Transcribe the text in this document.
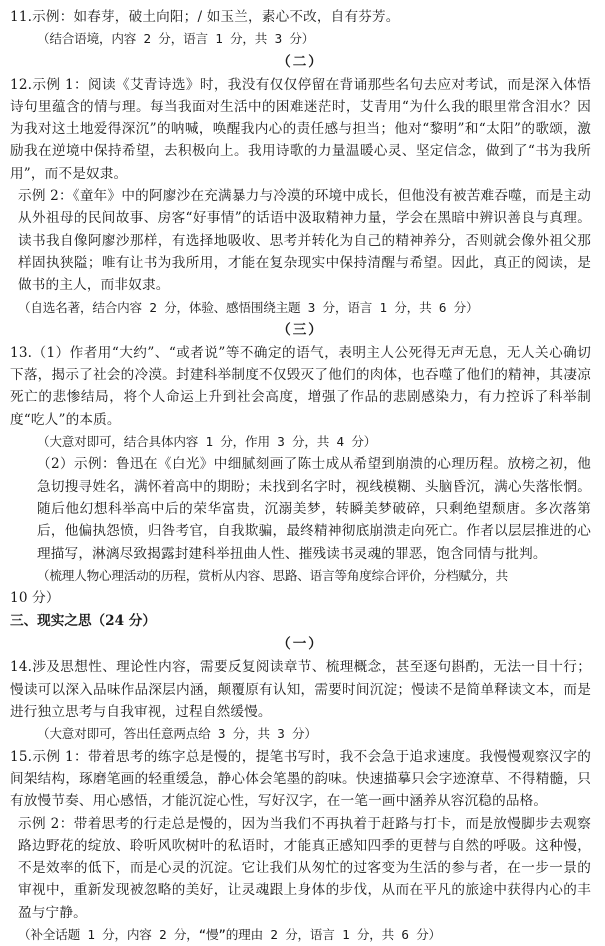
11.示例：如春芽，破土向阳；/ 如玉兰，素心不改，自有芬芳。
（结合语境，内容 2 分，语言 1 分，共 3 分）
（二）
12.示例 1：阅读《艾青诗选》时，我没有仅仅停留在背诵那些名句去应对考试，而是深入体悟诗句里蕴含的情与理。每当我面对生活中的困难迷茫时，艾青用“为什么我的眼里常含泪水？因为我对这土地爱得深沉”的呐喊，唤醒我内心的责任感与担当；他对“黎明”和“太阳”的歌颂，激励我在逆境中保持希望，去积极向上。我用诗歌的力量温暖心灵、坚定信念，做到了“书为我所用”，而不是奴隶。
示例 2：《童年》中的阿廖沙在充满暴力与冷漠的环境中成长，但他没有被苦难吞噬，而是主动从外祖母的民间故事、房客“好事情”的话语中汲取精神力量，学会在黑暗中辨识善良与真理。读书我自像阿廖沙那样，有选择地吸收、思考并转化为自己的精神养分，否则就会像外祖父那样固执狭隘；唯有让书为我所用，才能在复杂现实中保持清醒与希望。因此，真正的阅读，是做书的主人，而非奴隶。
（自选名著，结合内容 2 分，体验、感悟围绕主题 3 分，语言 1 分，共 6 分）
（三）
13.（1）作者用“大约”、“或者说”等不确定的语气，表明主人公死得无声无息，无人关心确切下落，揭示了社会的冷漠。封建科举制度不仅毁灭了他们的肉体，也吞噬了他们的精神，其凄凉死亡的悲惨结局，将个人命运上升到社会高度，增强了作品的悲剧感染力，有力控诉了科举制度“吃人”的本质。
（大意对即可，结合具体内容 1 分，作用 3 分，共 4 分）
（2）示例：鲁迅在《白光》中细腻刻画了陈士成从希望到崩溃的心理历程。放榜之初，他急切搜寻姓名，满怀着高中的期盼；未找到名字时，视线模糊、头脑昏沉，满心失落怅惘。随后他幻想科举高中后的荣华富贵，沉溺美梦，转瞬美梦破碎，只剩绝望颓唐。多次落第后，他偏执怨愤，归咎考官，自我欺骗，最终精神彻底崩溃走向死亡。作者以层层推进的心理描写，淋漓尽致揭露封建科举扭曲人性、摧残读书灵魂的罪恶，饱含同情与批判。
（梳理人物心理活动的历程，赏析从内容、思路、语言等角度综合评价，分档赋分，共
10 分）
三、现实之思（24 分）
（一）
14.涉及思想性、理论性内容，需要反复阅读章节、梳理概念，甚至逐句斟酌，无法一目十行；慢读可以深入品味作品深层内涵，颠覆原有认知，需要时间沉淀；慢读不是简单释读文本，而是进行独立思考与自我审视，过程自然缓慢。
（大意对即可，答出任意两点给 3 分，共 3 分）
15.示例 1：带着思考的练字总是慢的，提笔书写时，我不会急于追求速度。我慢慢观察汉字的间架结构，琢磨笔画的轻重缓急，静心体会笔墨的韵味。快速描摹只会字迹潦草、不得精髓，只有放慢节奏、用心感悟，才能沉淀心性，写好汉字，在一笔一画中涵养从容沉稳的品格。
示例 2：带着思考的行走总是慢的，因为当我们不再执着于赶路与打卡，而是放慢脚步去观察路边野花的绽放、聆听风吹树叶的私语时，才能真正感知四季的更替与自然的呼吸。这种慢，不是效率的低下，而是心灵的沉淀。它让我们从匆忙的过客变为生活的参与者，在一步一景的审视中，重新发现被忽略的美好，让灵魂跟上身体的步伐，从而在平凡的旅途中获得内心的丰盈与宁静。
（补全话题 1 分，内容 2 分，“慢”的理由 2 分，语言 1 分，共 6 分）
